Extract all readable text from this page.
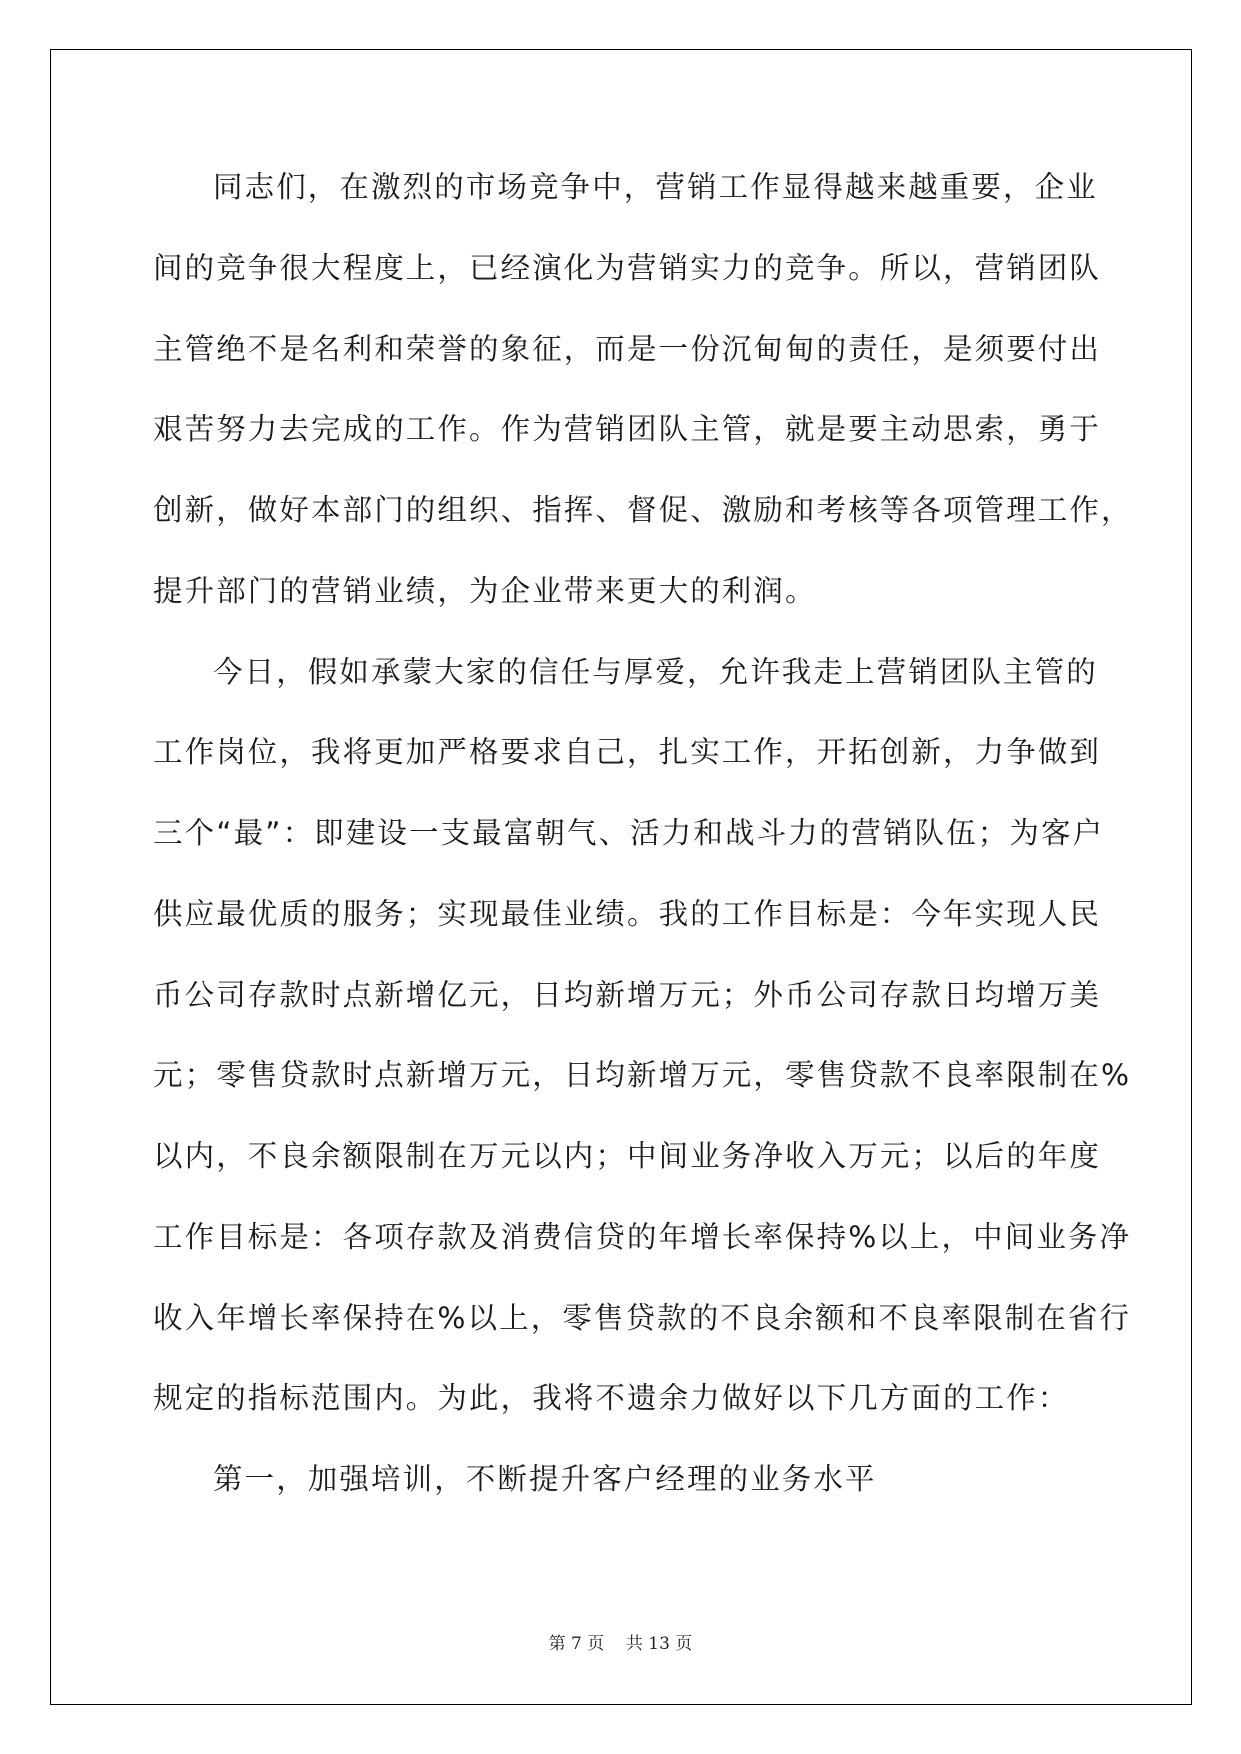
同志们，在激烈的市场竞争中，营销工作显得越来越重要，企业
间的竞争很大程度上，已经演化为营销实力的竞争。所以，营销团队
主管绝不是名利和荣誉的象征，而是一份沉甸甸的责任，是须要付出
艰苦努力去完成的工作。作为营销团队主管，就是要主动思索，勇于
创新，做好本部门的组织、指挥、督促、激励和考核等各项管理工作，
提升部门的营销业绩，为企业带来更大的利润。
今日，假如承蒙大家的信任与厚爱，允许我走上营销团队主管的
工作岗位，我将更加严格要求自己，扎实工作，开拓创新，力争做到
三个“最”：即建设一支最富朝气、活力和战斗力的营销队伍；为客户
供应最优质的服务；实现最佳业绩。我的工作目标是：今年实现人民
币公司存款时点新增亿元，日均新增万元；外币公司存款日均增万美
元；零售贷款时点新增万元，日均新增万元，零售贷款不良率限制在%
以内，不良余额限制在万元以内；中间业务净收入万元；以后的年度
工作目标是：各项存款及消费信贷的年增长率保持%以上，中间业务净
收入年增长率保持在%以上，零售贷款的不良余额和不良率限制在省行
规定的指标范围内。为此，我将不遗余力做好以下几方面的工作：
第一，加强培训，不断提升客户经理的业务水平
第 7 页 共 13 页
